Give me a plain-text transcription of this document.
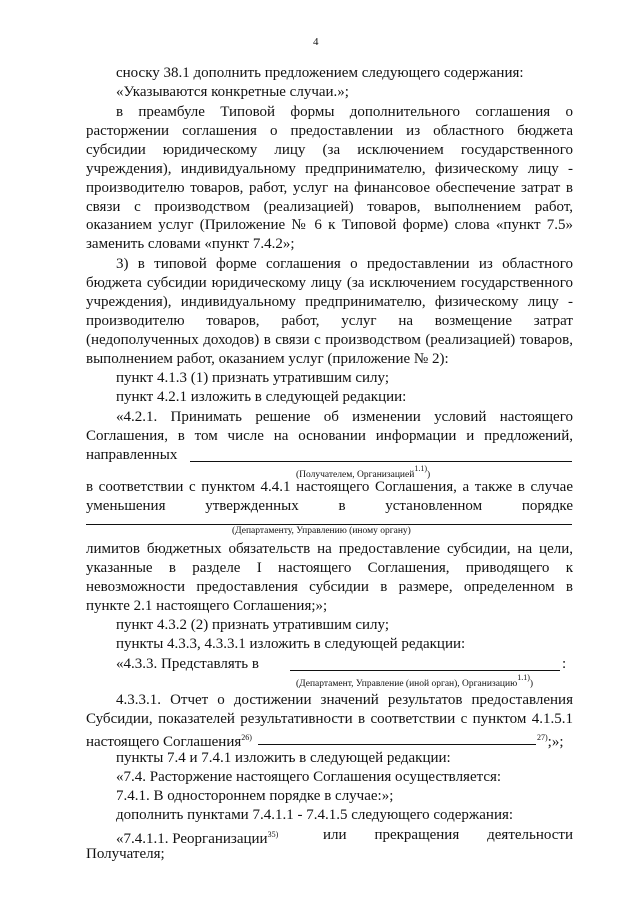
4
сноску 38.1 дополнить предложением следующего содержания:
«Указываются конкретные случаи.»;
в преамбуле Типовой формы дополнительного соглашения о
расторжении соглашения о предоставлении из областного бюджета
субсидии юридическому лицу (за исключением государственного
учреждения), индивидуальному предпринимателю, физическому лицу -
производителю товаров, работ, услуг на финансовое обеспечение затрат в
связи с производством (реализацией) товаров, выполнением работ,
оказанием услуг (Приложение № 6 к Типовой форме) слова «пункт 7.5»
заменить словами «пункт 7.4.2»;
3) в типовой форме соглашения о предоставлении из областного
бюджета субсидии юридическому лицу (за исключением государственного
учреждения), индивидуальному предпринимателю, физическому лицу -
производителю товаров, работ, услуг на возмещение затрат
(недополученных доходов) в связи с производством (реализацией) товаров,
выполнением работ, оказанием услуг (приложение № 2):
пункт 4.1.3 (1) признать утратившим силу;
пункт 4.2.1 изложить в следующей редакции:
«4.2.1. Принимать решение об изменении условий настоящего
Соглашения, в том числе на основании информации и предложений,
направленных
(Получателем, Организацией$^{1.1)}$)
в соответствии с пунктом 4.4.1 настоящего Соглашения, а также в случае
уменьшения утвержденных в установленном порядке
(Департаменту, Управлению (иному органу)
лимитов бюджетных обязательств на предоставление субсидии, на цели,
указанные в разделе I настоящего Соглашения, приводящего к
невозможности предоставления субсидии в размере, определенном в
пункте 2.1 настоящего Соглашения;»;
пункт 4.3.2 (2) признать утратившим силу;
пункты 4.3.3, 4.3.3.1 изложить в следующей редакции:
«4.3.3. Представлять в	:
(Департамент, Управление (иной орган), Организацию$^{1.1)}$)
4.3.3.1. Отчет о достижении значений результатов предоставления
Субсидии, показателей результативности в соответствии с пунктом 4.1.5.1
настоящего Соглашения$^{26)}$	$^{27)}$;»;
пункты 7.4 и 7.4.1 изложить в следующей редакции:
«7.4. Расторжение настоящего Соглашения осуществляется:
7.4.1. В одностороннем порядке в случае:»;
дополнить пунктами 7.4.1.1 - 7.4.1.5 следующего содержания:
«7.4.1.1. Реорганизации$^{35)}$	или прекращения деятельности
Получателя;
